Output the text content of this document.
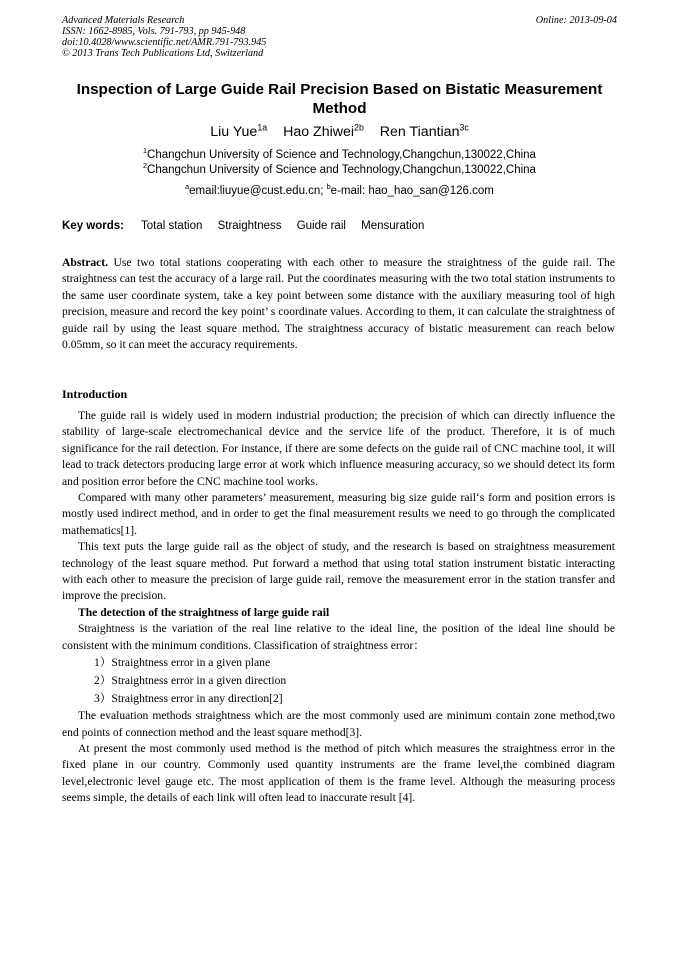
Advanced Materials Research
ISSN: 1662-8985, Vols. 791-793, pp 945-948
doi:10.4028/www.scientific.net/AMR.791-793.945
© 2013 Trans Tech Publications Ltd, Switzerland
Online: 2013-09-04
Inspection of Large Guide Rail Precision Based on Bistatic Measurement Method
Liu Yue$^{1a}$ Hao Zhiwei$^{2b}$ Ren Tiantian$^{3c}$
$^1$Changchun University of Science and Technology,Changchun,130022,China
$^2$Changchun University of Science and Technology,Changchun,130022,China
$^a$email:liuyue@cust.edu.cn; $^b$e-mail: hao_hao_san@126.com
Key words: Total station Straightness Guide rail Mensuration
Abstract. Use two total stations cooperating with each other to measure the straightness of the guide rail. The straightness can test the accuracy of a large rail. Put the coordinates measuring with the two total station instruments to the same user coordinate system, take a key point between some distance with the auxiliary measuring tool of high precision, measure and record the key point’ s coordinate values. According to them, it can calculate the straightness of guide rail by using the least square method. The straightness accuracy of bistatic measurement can reach below 0.05mm, so it can meet the accuracy requirements.
Introduction

The guide rail is widely used in modern industrial production; the precision of which can directly influence the stability of large-scale electromechanical device and the service life of the product. Therefore, it is of much significance for the rail detection. For instance, if there are some defects on the guide rail of CNC machine tool, it will lead to track detectors producing large error at work which influence measuring accuracy, so we should detect its form and position error before the CNC machine tool works.

Compared with many other parameters’ measurement, measuring big size guide rail‘s form and position errors is mostly used indirect method, and in order to get the final measurement results we need to go through the complicated mathematics[1].

This text puts the large guide rail as the object of study, and the research is based on straightness measurement technology of the least square method. Put forward a method that using total station instrument bistatic interacting with each other to measure the precision of large guide rail, remove the measurement error in the station transfer and improve the precision.

The detection of the straightness of large guide rail

Straightness is the variation of the real line relative to the ideal line, the position of the ideal line should be consistent with the minimum conditions. Classification of straightness error：

1）Straightness error in a given plane

2）Straightness error in a given direction

3）Straightness error in any direction[2]

The evaluation methods straightness which are the most commonly used are minimum contain zone method,two end points of connection method and the least square method[3].

At present the most commonly used method is the method of pitch which measures the straightness error in the fixed plane in our country. Commonly used quantity instruments are the frame level,the combined diagram level,electronic level gauge etc. The most application of them is the frame level. Although the measuring process seems simple, the details of each link will often lead to inaccurate result [4].
